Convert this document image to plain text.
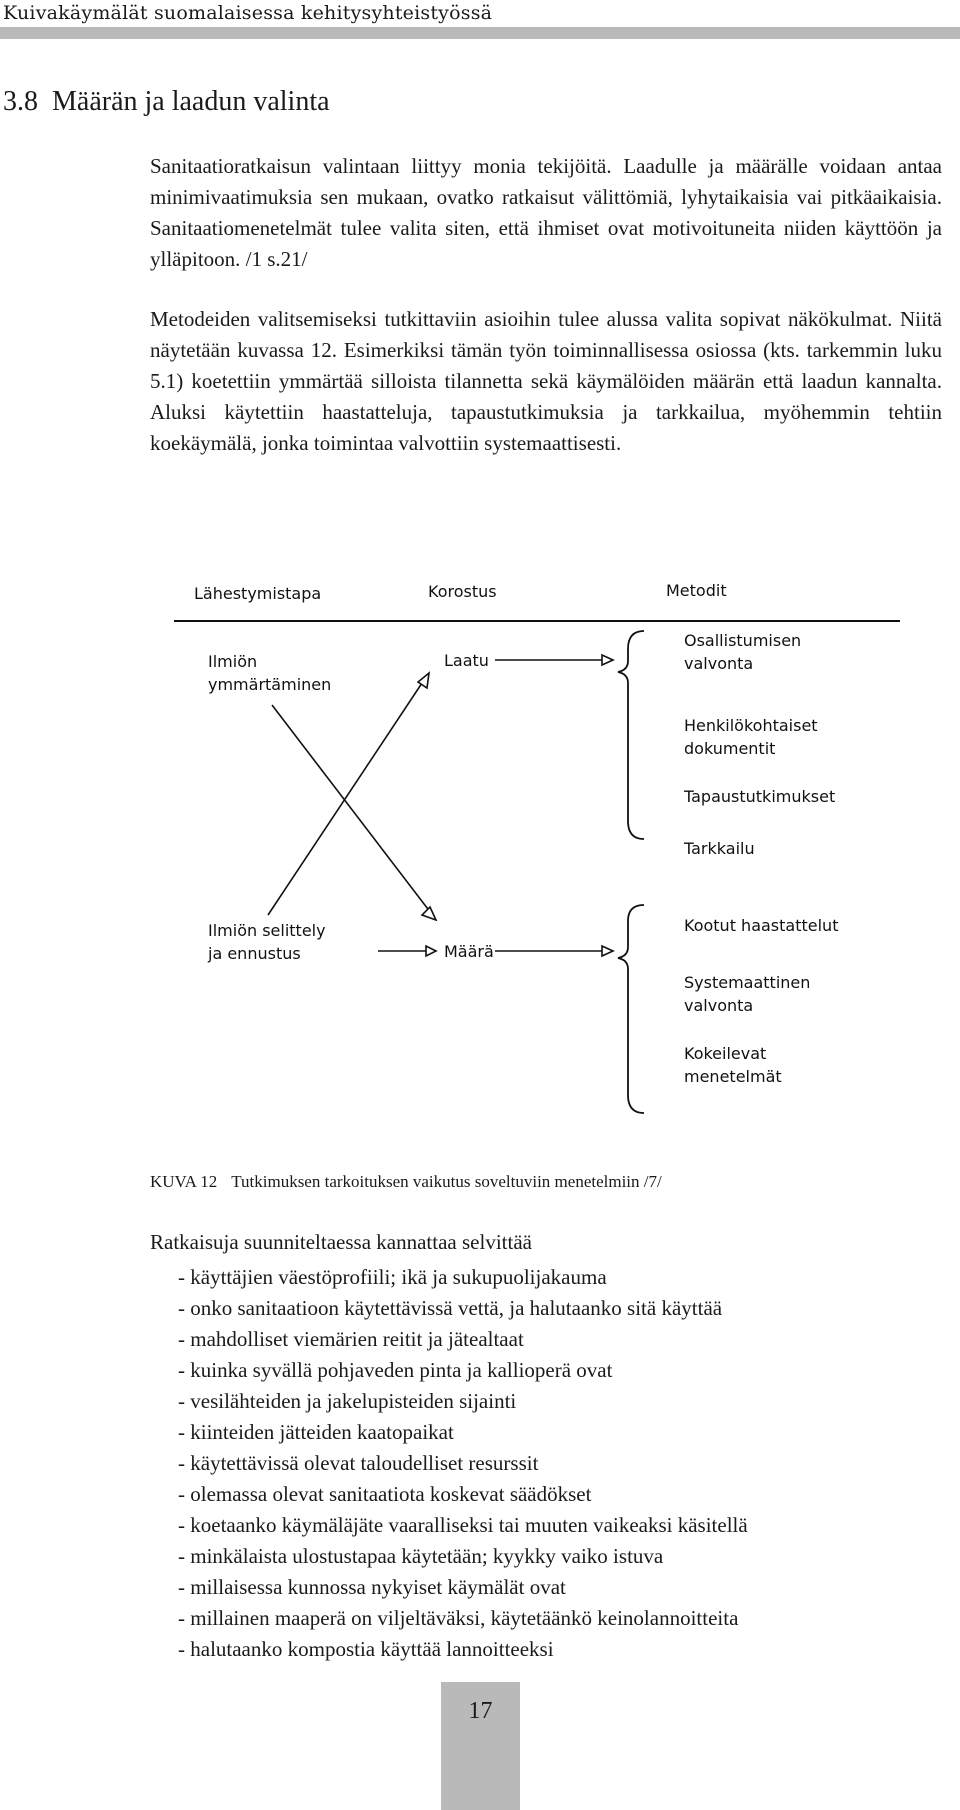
Kuivakäymälät suomalaisessa kehitysyhteistyössä
3.8 Määrän ja laadun valinta

Sanitaatioratkaisun valintaan liittyy monia tekijöitä. Laadulle ja määrälle voidaan antaa minimivaatimuksia sen mukaan, ovatko ratkaisut välittömiä, lyhytaikaisia vai pitkäaikaisia. Sanitaatiomenetelmät tulee valita siten, että ihmiset ovat motivoituneita niiden käyttöön ja ylläpitoon. /1 s.21/

Metodeiden valitsemiseksi tutkittaviin asioihin tulee alussa valita sopivat näkökulmat. Niitä näytetään kuvassa 12. Esimerkiksi tämän työn toiminnallisessa osiossa (kts. tarkemmin luku 5.1) koetettiin ymmärtää silloista tilannetta sekä käymälöiden määrän että laadun kannalta. Aluksi käytettiin haastatteluja, tapaustutkimuksia ja tarkkailua, myöhemmin tehtiin koekäymälä, jonka toimintaa valvottiin systemaattisesti.

Lähestymistapa	Korostus	Metodit
Ilmiön
ymmärtäminen
Ilmiön selittely
ja ennustus
Laatu
Määrä
Osallistumisen
valvonta
Henkilökohtaiset
dokumentit
Tapaustutkimukset
Tarkkailu
Kootut haastattelut
Systemaattinen
valvonta
Kokeilevat
menetelmät
KUVA 12 Tutkimuksen tarkoituksen vaikutus soveltuviin menetelmiin /7/
Ratkaisuja suunniteltaessa kannattaa selvittää
- käyttäjien väestöprofiili; ikä ja sukupuolijakauma
- onko sanitaatioon käytettävissä vettä, ja halutaanko sitä käyttää
- mahdolliset viemärien reitit ja jätealtaat
- kuinka syvällä pohjaveden pinta ja kallioperä ovat
- vesilähteiden ja jakelupisteiden sijainti
- kiinteiden jätteiden kaatopaikat
- käytettävissä olevat taloudelliset resurssit
- olemassa olevat sanitaatiota koskevat säädökset
- koetaanko käymäläjäte vaaralliseksi tai muuten vaikeaksi käsitellä
- minkälaista ulostustapaa käytetään; kyykky vaiko istuva
- millaisessa kunnossa nykyiset käymälät ovat
- millainen maaperä on viljeltäväksi, käytetäänkö keinolannoitteita
- halutaanko kompostia käyttää lannoitteeksi
17
